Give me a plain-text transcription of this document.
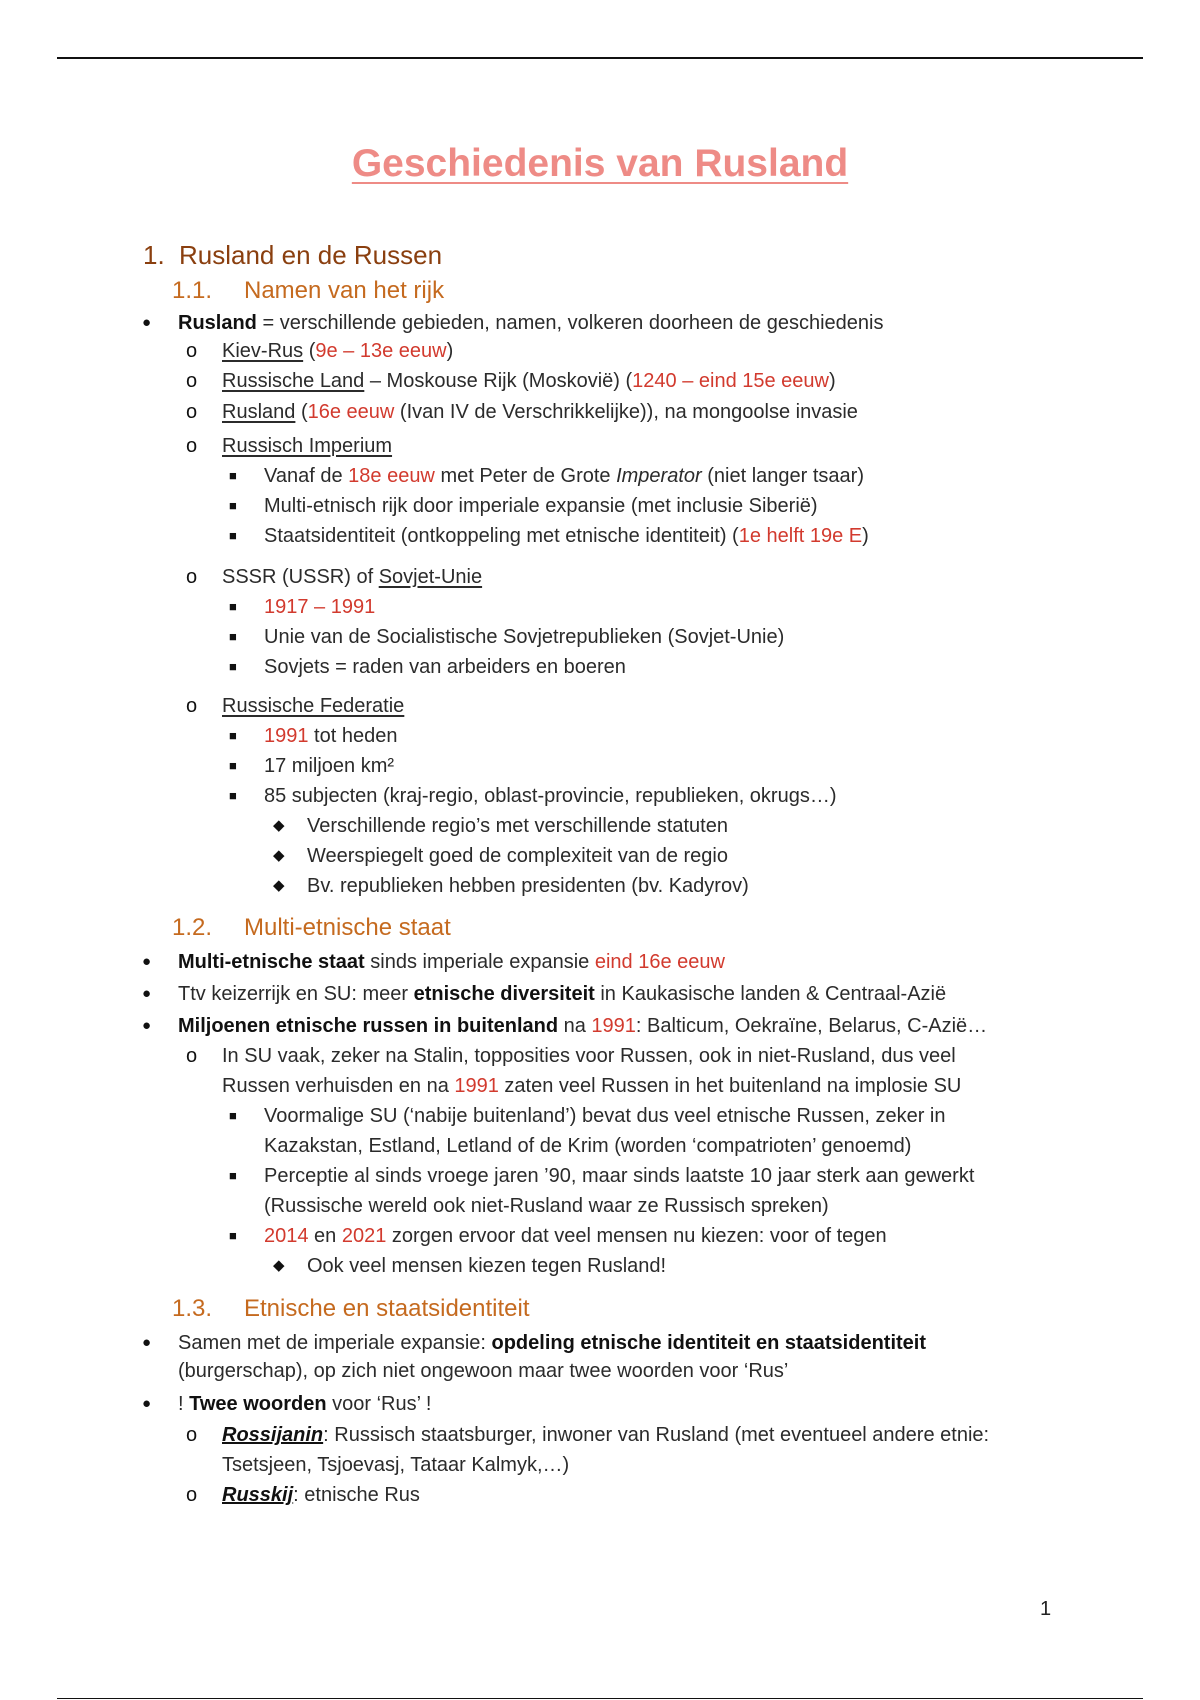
Geschiedenis van Rusland
1. Rusland en de Russen
1.1. Namen van het rijk
● Rusland = verschillende gebieden, namen, volkeren doorheen de geschiedenis
o Kiev-Rus (9e – 13e eeuw)
o Russische Land – Moskouse Rijk (Moskovië) (1240 – eind 15e eeuw)
o Rusland (16e eeuw (Ivan IV de Verschrikkelijke)), na mongoolse invasie
o Russisch Imperium
■ Vanaf de 18e eeuw met Peter de Grote Imperator (niet langer tsaar)
■ Multi-etnisch rijk door imperiale expansie (met inclusie Siberië)
■ Staatsidentiteit (ontkoppeling met etnische identiteit) (1e helft 19e E)
o SSSR (USSR) of Sovjet-Unie
■ 1917 – 1991
■ Unie van de Socialistische Sovjetrepublieken (Sovjet-Unie)
■ Sovjets = raden van arbeiders en boeren
o Russische Federatie
■ 1991 tot heden
■ 17 miljoen km²
■ 85 subjecten (kraj-regio, oblast-provincie, republieken, okrugs…)
◆ Verschillende regio’s met verschillende statuten
◆ Weerspiegelt goed de complexiteit van de regio
◆ Bv. republieken hebben presidenten (bv. Kadyrov)
1.2. Multi-etnische staat
● Multi-etnische staat sinds imperiale expansie eind 16e eeuw
● Ttv keizerrijk en SU: meer etnische diversiteit in Kaukasische landen & Centraal-Azië
● Miljoenen etnische russen in buitenland na 1991: Balticum, Oekraïne, Belarus, C-Azië…
o In SU vaak, zeker na Stalin, topposities voor Russen, ook in niet-Rusland, dus veel
Russen verhuisden en na 1991 zaten veel Russen in het buitenland na implosie SU
■ Voormalige SU (‘nabije buitenland’) bevat dus veel etnische Russen, zeker in
Kazakstan, Estland, Letland of de Krim (worden ‘compatrioten’ genoemd)
■ Perceptie al sinds vroege jaren ’90, maar sinds laatste 10 jaar sterk aan gewerkt
(Russische wereld ook niet-Rusland waar ze Russisch spreken)
■ 2014 en 2021 zorgen ervoor dat veel mensen nu kiezen: voor of tegen
◆ Ook veel mensen kiezen tegen Rusland!
1.3. Etnische en staatsidentiteit
● Samen met de imperiale expansie: opdeling etnische identiteit en staatsidentiteit
(burgerschap), op zich niet ongewoon maar twee woorden voor ‘Rus’
● ! Twee woorden voor ‘Rus’ !
o Rossijanin: Russisch staatsburger, inwoner van Rusland (met eventueel andere etnie:
Tsetsjeen, Tsjoevasj, Tataar Kalmyk,…)
o Russkij: etnische Rus
1
